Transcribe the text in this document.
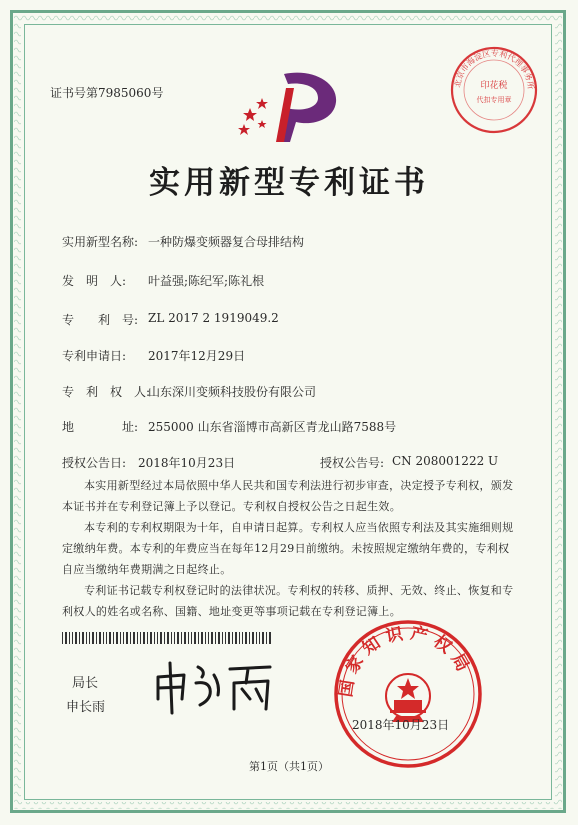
证书号第7985060号
北京市海淀区专利代理事务所
印花税
代扣专用章
实用新型专利证书
实用新型名称: 一种防爆变频器复合母排结构
发　明　人: 叶益强;陈纪军;陈礼根
专　　利　号: ZL 2017 2 1919049.2
专利申请日: 2017年12月29日
专　利　权　人:
山东深川变频科技股份有限公司
地　　　　址: 255000 山东省淄博市高新区青龙山路7588号
授权公告日: 2018年10月23日	授权公告号: CN 208001222 U
本实用新型经过本局依照中华人民共和国专利法进行初步审查，决定授予专利权，颁发
本证书并在专利登记簿上予以登记。专利权自授权公告之日起生效。
本专利的专利权期限为十年，自申请日起算。专利权人应当依照专利法及其实施细则规
定缴纳年费。本专利的年费应当在每年12月29日前缴纳。未按照规定缴纳年费的，专利权
自应当缴纳年费期满之日起终止。
专利证书记载专利权登记时的法律状况。专利权的转移、质押、无效、终止、恢复和专
利权人的姓名或名称、国籍、地址变更等事项记载在专利登记簿上。
局长
申长雨
国家知识产权局
2018年10月23日
第1页（共1页）
